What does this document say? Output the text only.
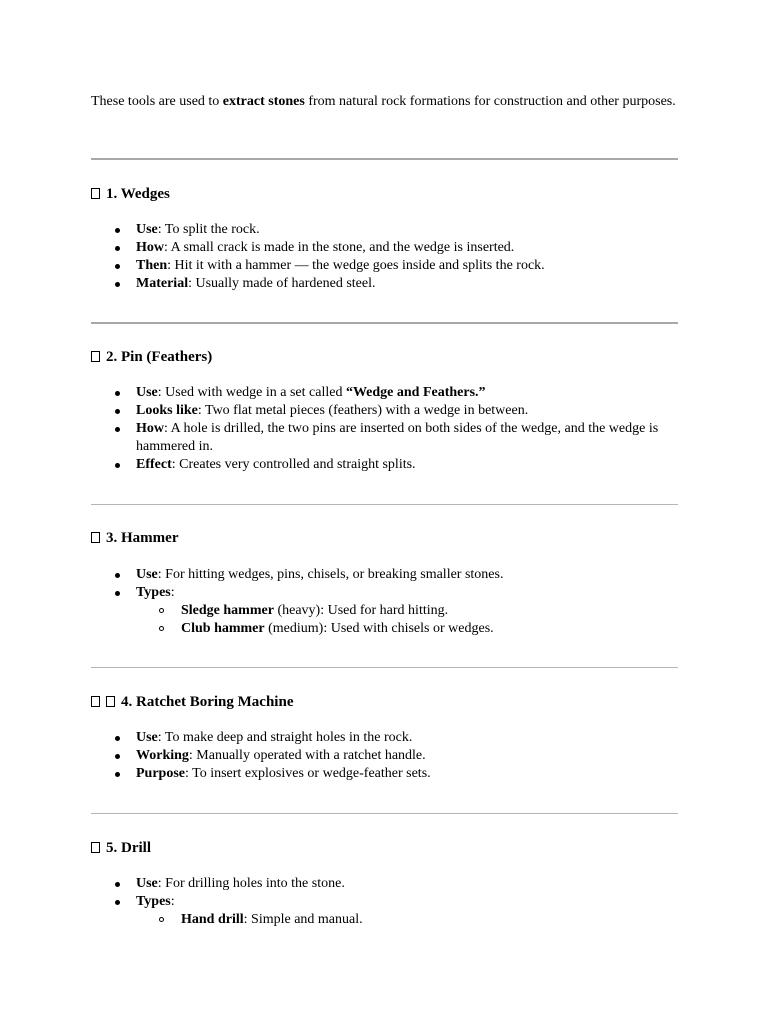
These tools are used to extract stones from natural rock formations for construction and other purposes.

1. Wedges
Use: To split the rock.
How: A small crack is made in the stone, and the wedge is inserted.
Then: Hit it with a hammer — the wedge goes inside and splits the rock.
Material: Usually made of hardened steel.
2. Pin (Feathers)
Use: Used with wedge in a set called “Wedge and Feathers.”
Looks like: Two flat metal pieces (feathers) with a wedge in between.
How: A hole is drilled, the two pins are inserted on both sides of the wedge, and the wedge is hammered in.
Effect: Creates very controlled and straight splits.
3. Hammer
Use: For hitting wedges, pins, chisels, or breaking smaller stones.
Types:
Sledge hammer (heavy): Used for hard hitting.
Club hammer (medium): Used with chisels or wedges.
4. Ratchet Boring Machine
Use: To make deep and straight holes in the rock.
Working: Manually operated with a ratchet handle.
Purpose: To insert explosives or wedge-feather sets.
5. Drill
Use: For drilling holes into the stone.
Types:
Hand drill: Simple and manual.
